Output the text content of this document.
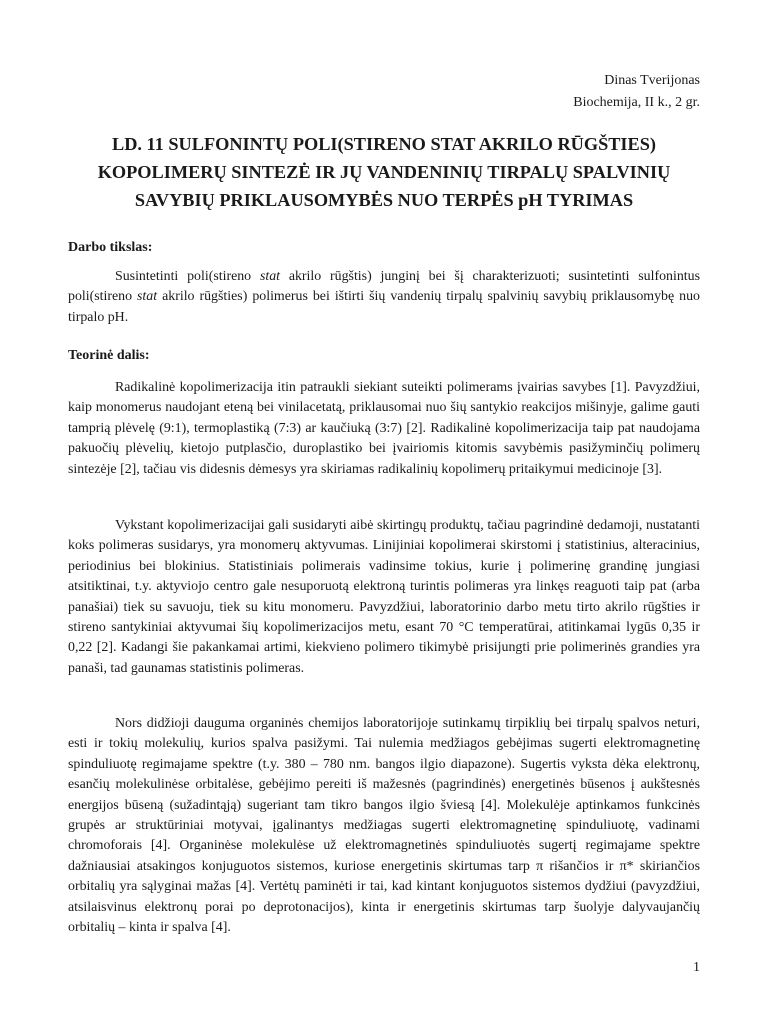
Dinas Tverijonas
Biochemija, II k., 2 gr.
LD. 11 SULFONINTŲ POLI(STIRENO STAT AKRILO RŪGŠTIES)
KOPOLIMERŲ SINTEZĖ IR JŲ VANDENINIŲ TIRPALŲ SPALVINIŲ
SAVYBIŲ PRIKLAUSOMYBĖS NUO TERPĖS pH TYRIMAS
Darbo tikslas:
Susintetinti poli(stireno stat akrilo rūgštis) junginį bei šį charakterizuoti; susintetinti sulfonintus poli(stireno stat akrilo rūgšties) polimerus bei ištirti šių vandenių tirpalų spalvinių savybių priklausomybę nuo tirpalo pH.
Teorinė dalis:
Radikalinė kopolimerizacija itin patraukli siekiant suteikti polimerams įvairias savybes [1]. Pavyzdžiui, kaip monomerus naudojant eteną bei vinilacetatą, priklausomai nuo šių santykio reakcijos mišinyje, galime gauti tamprią plėvelę (9:1), termoplastiką (7:3) ar kaučiuką (3:7) [2]. Radikalinė kopolimerizacija taip pat naudojama pakuočių plėvelių, kietojo putplasčio, duroplastiko bei įvairiomis kitomis savybėmis pasižyminčių polimerų sintezėje [2], tačiau vis didesnis dėmesys yra skiriamas radikalinių kopolimerų pritaikymui medicinoje [3].
Vykstant kopolimerizacijai gali susidaryti aibė skirtingų produktų, tačiau pagrindinė dedamoji, nustatanti koks polimeras susidarys, yra monomerų aktyvumas. Linijiniai kopolimerai skirstomi į statistinius, alteracinius, periodinius bei blokinius. Statistiniais polimerais vadinsime tokius, kurie į polimerinę grandinę jungiasi atsitiktinai, t.y. aktyviojo centro gale nesuporuotą elektroną turintis polimeras yra linkęs reaguoti taip pat (arba panašiai) tiek su savuoju, tiek su kitu monomeru. Pavyzdžiui, laboratorinio darbo metu tirto akrilo rūgšties ir stireno santykiniai aktyvumai šių kopolimerizacijos metu, esant 70 °C temperatūrai, atitinkamai lygūs 0,35 ir 0,22 [2]. Kadangi šie pakankamai artimi, kiekvieno polimero tikimybė prisijungti prie polimerinės grandies yra panaši, tad gaunamas statistinis polimeras.
Nors didžioji dauguma organinės chemijos laboratorijoje sutinkamų tirpiklių bei tirpalų spalvos neturi, esti ir tokių molekulių, kurios spalva pasižymi. Tai nulemia medžiagos gebėjimas sugerti elektromagnetinę spinduliuotę regimajame spektre (t.y. 380 – 780 nm. bangos ilgio diapazone). Sugertis vyksta dėka elektronų, esančių molekulinėse orbitalėse, gebėjimo pereiti iš mažesnės (pagrindinės) energetinės būsenos į aukštesnės energijos būseną (sužadintąją) sugeriant tam tikro bangos ilgio šviesą [4]. Molekulėje aptinkamos funkcinės grupės ar struktūriniai motyvai, įgalinantys medžiagas sugerti elektromagnetinę spinduliuotę, vadinami chromoforais [4]. Organinėse molekulėse už elektromagnetinės spinduliuotės sugertį regimajame spektre dažniausiai atsakingos konjuguotos sistemos, kuriose energetinis skirtumas tarp π rišančios ir π* skiriančios orbitalių yra sąlyginai mažas [4]. Vertėtų paminėti ir tai, kad kintant konjuguotos sistemos dydžiui (pavyzdžiui, atsilaisvinus elektronų porai po deprotonacijos), kinta ir energetinis skirtumas tarp šuolyje dalyvaujančių orbitalių – kinta ir spalva [4].
1
